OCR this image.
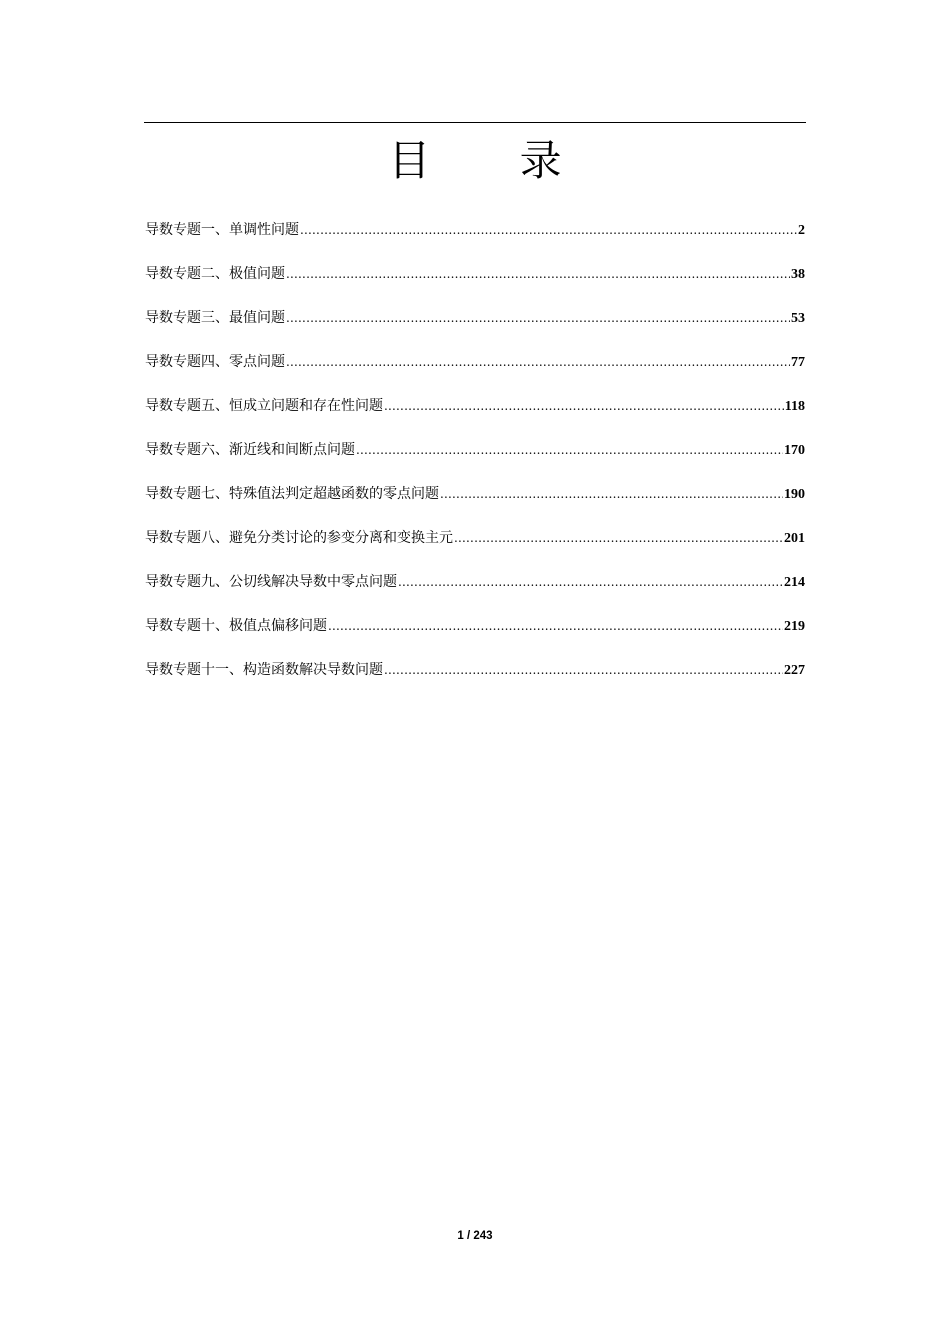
目 录
导数专题一、单调性问题 .....	2
导数专题二、极值问题 .....	38
导数专题三、最值问题 .....	53
导数专题四、零点问题 .....	77
导数专题五、恒成立问题和存在性问题 .....	118
导数专题六、渐近线和间断点问题 .....	170
导数专题七、特殊值法判定超越函数的零点问题 .....	190
导数专题八、避免分类讨论的参变分离和变换主元 .....	201
导数专题九、公切线解决导数中零点问题 .....	214
导数专题十、极值点偏移问题 .....	219
导数专题十一、构造函数解决导数问题 .....	227
1 / 243
